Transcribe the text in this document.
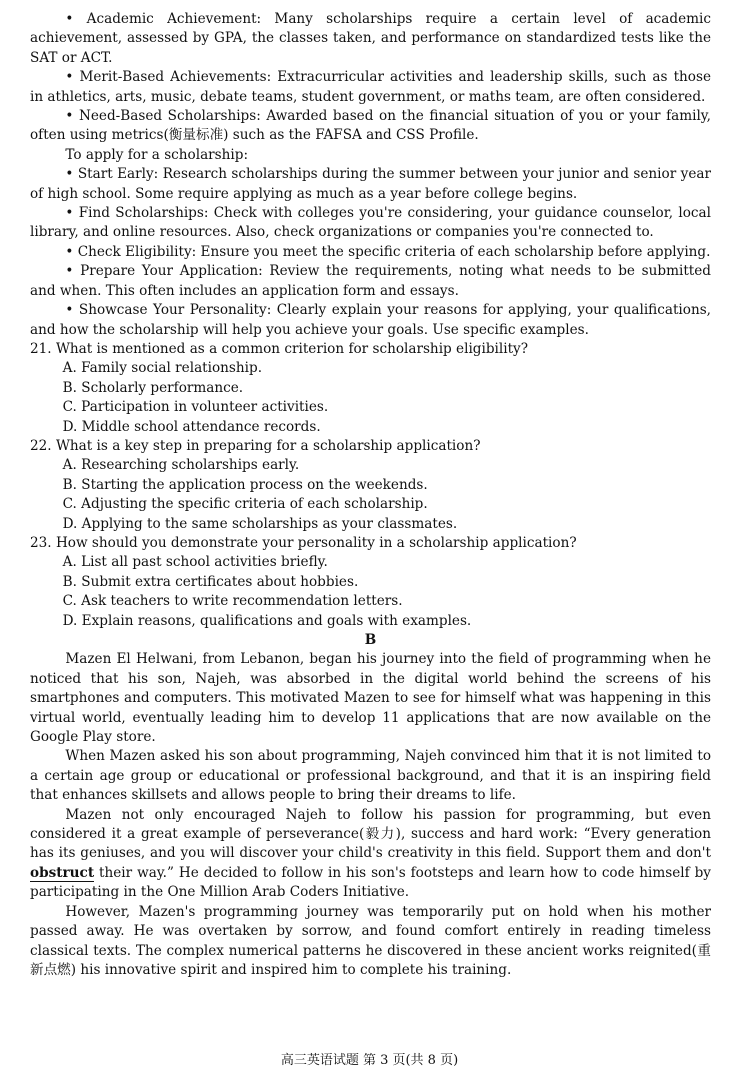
• Academic Achievement: Many scholarships require a certain level of academic achievement, assessed by GPA, the classes taken, and performance on standardized tests like the SAT or ACT.

• Merit-Based Achievements: Extracurricular activities and leadership skills, such as those in athletics, arts, music, debate teams, student government, or maths team, are often considered.

• Need-Based Scholarships: Awarded based on the financial situation of you or your family, often using metrics(衡量标准) such as the FAFSA and CSS Profile.

To apply for a scholarship:

• Start Early: Research scholarships during the summer between your junior and senior year of high school. Some require applying as much as a year before college begins.

• Find Scholarships: Check with colleges you're considering, your guidance counselor, local library, and online resources. Also, check organizations or companies you're connected to.

• Check Eligibility: Ensure you meet the specific criteria of each scholarship before applying.

• Prepare Your Application: Review the requirements, noting what needs to be submitted and when. This often includes an application form and essays.

• Showcase Your Personality: Clearly explain your reasons for applying, your qualifications, and how the scholarship will help you achieve your goals. Use specific examples.

21. What is mentioned as a common criterion for scholarship eligibility?

A. Family social relationship.

B. Scholarly performance.

C. Participation in volunteer activities.

D. Middle school attendance records.

22. What is a key step in preparing for a scholarship application?

A. Researching scholarships early.

B. Starting the application process on the weekends.

C. Adjusting the specific criteria of each scholarship.

D. Applying to the same scholarships as your classmates.

23. How should you demonstrate your personality in a scholarship application?

A. List all past school activities briefly.

B. Submit extra certificates about hobbies.

C. Ask teachers to write recommendation letters.

D. Explain reasons, qualifications and goals with examples.

B

Mazen El Helwani, from Lebanon, began his journey into the field of programming when he noticed that his son, Najeh, was absorbed in the digital world behind the screens of his smartphones and computers. This motivated Mazen to see for himself what was happening in this virtual world, eventually leading him to develop 11 applications that are now available on the Google Play store.

When Mazen asked his son about programming, Najeh convinced him that it is not limited to a certain age group or educational or professional background, and that it is an inspiring field that enhances skillsets and allows people to bring their dreams to life.

Mazen not only encouraged Najeh to follow his passion for programming, but even considered it a great example of perseverance(毅力), success and hard work: “Every generation has its geniuses, and you will discover your child's creativity in this field. Support them and don't obstruct their way.” He decided to follow in his son's footsteps and learn how to code himself by participating in the One Million Arab Coders Initiative.

However, Mazen's programming journey was temporarily put on hold when his mother passed away. He was overtaken by sorrow, and found comfort entirely in reading timeless classical texts. The complex numerical patterns he discovered in these ancient works reignited(重新点燃) his innovative spirit and inspired him to complete his training.

高三英语试题 第 3 页(共 8 页)
